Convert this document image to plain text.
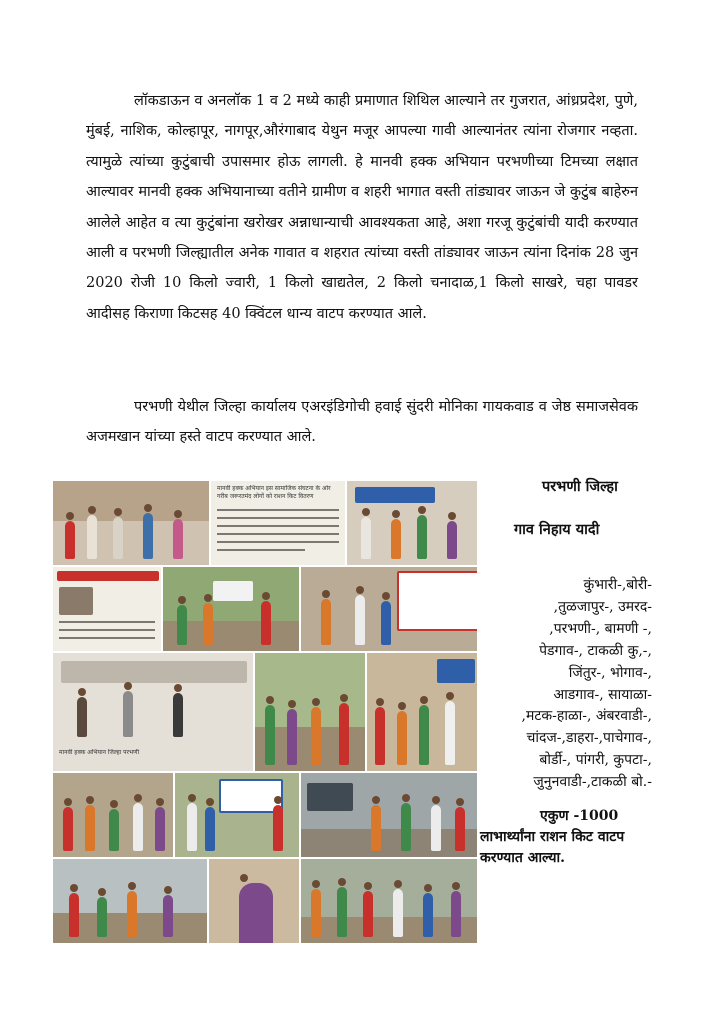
लॉकडाऊन व अनलॉक 1 व 2 मध्ये काही प्रमाणात शिथिल आल्याने तर गुजरात, आंध्रप्रदेश, पुणे, मुंबई, नाशिक, कोल्हापूर, नागपूर,औरंगाबाद येथुन मजूर आपल्या गावी आल्यानंतर त्यांना रोजगार नव्हता. त्यामुळे त्यांच्या कुटुंबाची उपासमार होऊ लागली. हे मानवी हक्क अभियान परभणीच्या टिमच्या लक्षात आल्यावर मानवी हक्क अभियानाच्या वतीने ग्रामीण व शहरी भागात वस्ती तांड्यावर जाऊन जे कुटुंब बाहेरुन आलेले आहेत व त्या कुटुंबांना खरोखर अन्नाधान्याची आवश्यकता आहे, अशा गरजू कुटुंबांची यादी करण्यात आली व परभणी जिल्ह्यातील अनेक गावात व शहरात त्यांच्या वस्ती तांड्यावर जाऊन त्यांना दिनांक 28 जुन 2020 रोजी 10 किलो ज्वारी, 1 किलो खाद्यतेल, 2 किलो चनादाळ,1 किलो साखरे, चहा पावडर आदीसह किराणा किटसह 40 क्विंटल धान्य वाटप करण्यात आले.

परभणी येथील जिल्हा कार्यालय एअरइंडिगोची हवाई सुंदरी मोनिका गायकवाड व जेष्ठ समाजसेवक अजमखान यांच्या हस्ते वाटप करण्यात आले.

मानवी हक्क अभियान इस सामाजिक संघटना के ओर गरीब जरूरतमंद लोगों को राशन किट वितरण
मानवी हक्क अभियान जिल्हा परभणी

परभणी जिल्हा

गाव निहाय यादी

कुंभारी-,बोरी-
,तुळजापुर-, उमरद-
,परभणी-, बामणी -,
पेडगाव-, टाकळी कु,-,
जिंतुर-, भोगाव-,
आडगाव-, सायाळा-
,मटक-हाळा-, अंबरवाडी-,
चांदज-,डाहरा-,पाचेगाव-,
बोर्डी-, पांगरी, कुपटा-,
जुनुनवाडी-,टाकळी बो.-

एकुण -1000
लाभार्थ्यांना राशन किट वाटप करण्यात आल्या.
